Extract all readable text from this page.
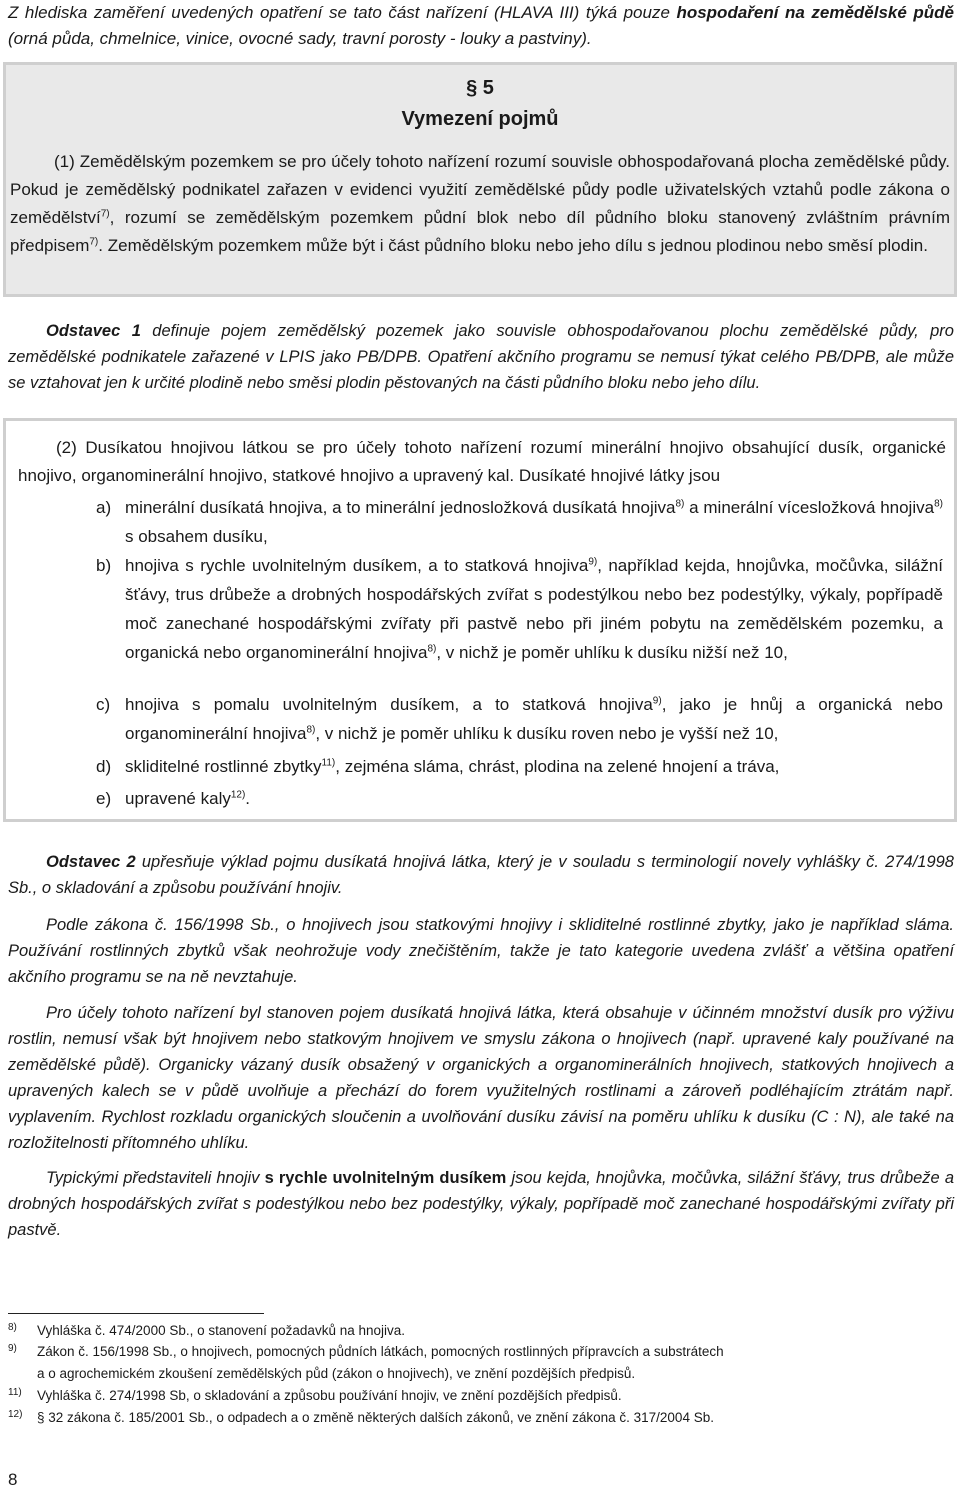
Z hlediska zaměření uvedených opatření se tato část nařízení (HLAVA III) týká pouze hospodaření na zemědělské půdě (orná půda, chmelnice, vinice, ovocné sady, travní porosty - louky a pastviny).
§ 5
Vymezení pojmů
(1) Zemědělským pozemkem se pro účely tohoto nařízení rozumí souvisle obhospodařovaná plocha zemědělské půdy. Pokud je zemědělský podnikatel zařazen v evidenci využití zemědělské půdy podle uživatelských vztahů podle zákona o zemědělství$^{7)}$, rozumí se zemědělským pozemkem půdní blok nebo díl půdního bloku stanovený zvláštním právním předpisem$^{7)}$. Zemědělským pozemkem může být i část půdního bloku nebo jeho dílu s jednou plodinou nebo směsí plodin.
Odstavec 1 definuje pojem zemědělský pozemek jako souvisle obhospodařovanou plochu zemědělské půdy, pro zemědělské podnikatele zařazené v LPIS jako PB/DPB. Opatření akčního programu se nemusí týkat celého PB/DPB, ale může se vztahovat jen k určité plodině nebo směsi plodin pěstovaných na části půdního bloku nebo jeho dílu.
(2) Dusíkatou hnojivou látkou se pro účely tohoto nařízení rozumí minerální hnojivo obsahující dusík, organické hnojivo, organominerální hnojivo, statkové hnojivo a upravený kal. Dusíkaté hnojivé látky jsou
a) minerální dusíkatá hnojiva, a to minerální jednosložková dusíkatá hnojiva$^{8)}$ a minerální vícesložková hnojiva$^{8)}$ s obsahem dusíku,
b) hnojiva s rychle uvolnitelným dusíkem, a to statková hnojiva$^{9)}$, například kejda, hnojůvka, močůvka, silážní šťávy, trus drůbeže a drobných hospodářských zvířat s podestýlkou nebo bez podestýlky, výkaly, popřípadě moč zanechané hospodářskými zvířaty při pastvě nebo při jiném pobytu na zemědělském pozemku, a organická nebo organominerální hnojiva$^{8)}$, v nichž je poměr uhlíku k dusíku nižší než 10,
c) hnojiva s pomalu uvolnitelným dusíkem, a to statková hnojiva$^{9)}$, jako je hnůj a organická nebo organominerální hnojiva$^{8)}$, v nichž je poměr uhlíku k dusíku roven nebo je vyšší než 10,
d) skliditelné rostlinné zbytky$^{11)}$, zejména sláma, chrást, plodina na zelené hnojení a tráva,
e) upravené kaly$^{12)}$.
Odstavec 2 upřesňuje výklad pojmu dusíkatá hnojivá látka, který je v souladu s terminologií novely vyhlášky č. 274/1998 Sb., o skladování a způsobu používání hnojiv.
Podle zákona č. 156/1998 Sb., o hnojivech jsou statkovými hnojivy i skliditelné rostlinné zbytky, jako je například sláma. Používání rostlinných zbytků však neohrožuje vody znečištěním, takže je tato kategorie uvedena zvlášť a většina opatření akčního programu se na ně nevztahuje.
Pro účely tohoto nařízení byl stanoven pojem dusíkatá hnojivá látka, která obsahuje v účinném množství dusík pro výživu rostlin, nemusí však být hnojivem nebo statkovým hnojivem ve smyslu zákona o hnojivech (např. upravené kaly používané na zemědělské půdě). Organicky vázaný dusík obsažený v organických a organominerálních hnojivech, statkových hnojivech a upravených kalech se v půdě uvolňuje a přechází do forem využitelných rostlinami a zároveň podléhajícím ztrátám např. vyplavením. Rychlost rozkladu organických sloučenin a uvolňování dusíku závisí na poměru uhlíku k dusíku (C : N), ale také na rozložitelnosti přítomného uhlíku.
Typickými představiteli hnojiv s rychle uvolnitelným dusíkem jsou kejda, hnojůvka, močůvka, silážní šťávy, trus drůbeže a drobných hospodářských zvířat s podestýlkou nebo bez podestýlky, výkaly, popřípadě moč zanechané hospodářskými zvířaty při pastvě.
8) Vyhláška č. 474/2000 Sb., o stanovení požadavků na hnojiva.
9) Zákon č. 156/1998 Sb., o hnojivech, pomocných půdních látkách, pomocných rostlinných přípravcích a substrátech
a o agrochemickém zkoušení zemědělských půd (zákon o hnojivech), ve znění pozdějších předpisů.
11) Vyhláška č. 274/1998 Sb, o skladování a způsobu používání hnojiv, ve znění pozdějších předpisů.
12) § 32 zákona č. 185/2001 Sb., o odpadech a o změně některých dalších zákonů, ve znění zákona č. 317/2004 Sb.
8
